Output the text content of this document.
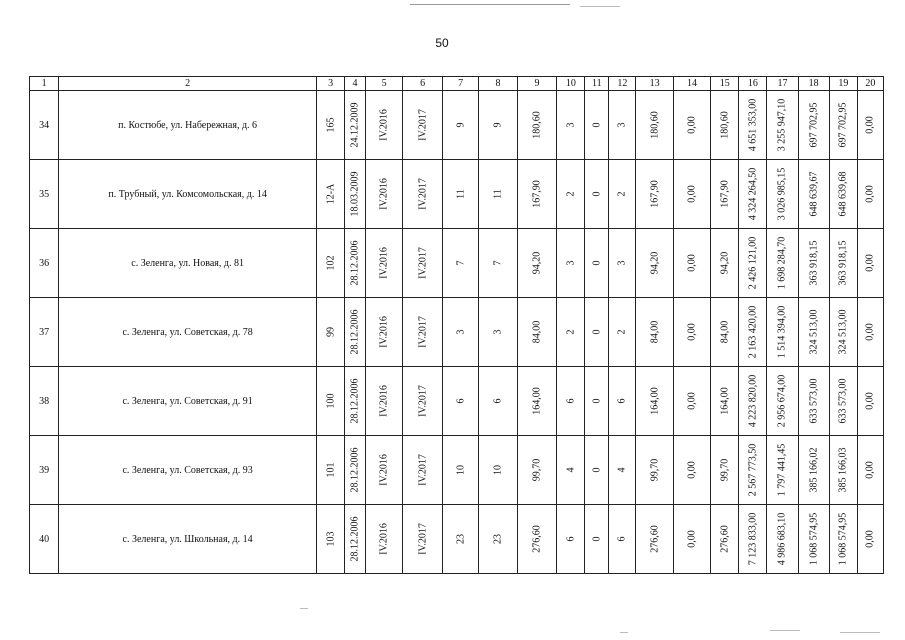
50
1	2	3	4	5	6	7	8	9	10	11	12	13	14	15	16	17	18	19	20
34	п. Костюбе, ул. Набережная, д. 6	165	24.12.2009	IV.2016	IV.2017	9	9	180,60	3	0	3	180,60	0,00	180,60	4 651 353,00	3 255 947,10	697 702,95	697 702,95	0,00

35	п. Трубный, ул. Комсомольская, д. 14	12-А	18.03.2009	IV.2016	IV.2017	11	11	167,90	2	0	2	167,90	0,00	167,90	4 324 264,50	3 026 985,15	648 639,67	648 639,68	0,00

36	с. Зеленга, ул. Новая, д. 81	102	28.12.2006	IV.2016	IV.2017	7	7	94,20	3	0	3	94,20	0,00	94,20	2 426 121,00	1 698 284,70	363 918,15	363 918,15	0,00

37	с. Зеленга, ул. Советская, д. 78	99	28.12.2006	IV.2016	IV.2017	3	3	84,00	2	0	2	84,00	0,00	84,00	2 163 420,00	1 514 394,00	324 513,00	324 513,00	0,00

38	с. Зеленга, ул. Советская, д. 91	100	28.12.2006	IV.2016	IV.2017	6	6	164,00	6	0	6	164,00	0,00	164,00	4 223 820,00	2 956 674,00	633 573,00	633 573,00	0,00

39	с. Зеленга, ул. Советская, д. 93	101	28.12.2006	IV.2016	IV.2017	10	10	99,70	4	0	4	99,70	0,00	99,70	2 567 773,50	1 797 441,45	385 166,02	385 166,03	0,00

40	с. Зеленга, ул. Школьная, д. 14	103	28.12.2006	IV.2016	IV.2017	23	23	276,60	6	0	6	276,60	0,00	276,60	7 123 833,00	4 986 683,10	1 068 574,95	1 068 574,95	0,00
